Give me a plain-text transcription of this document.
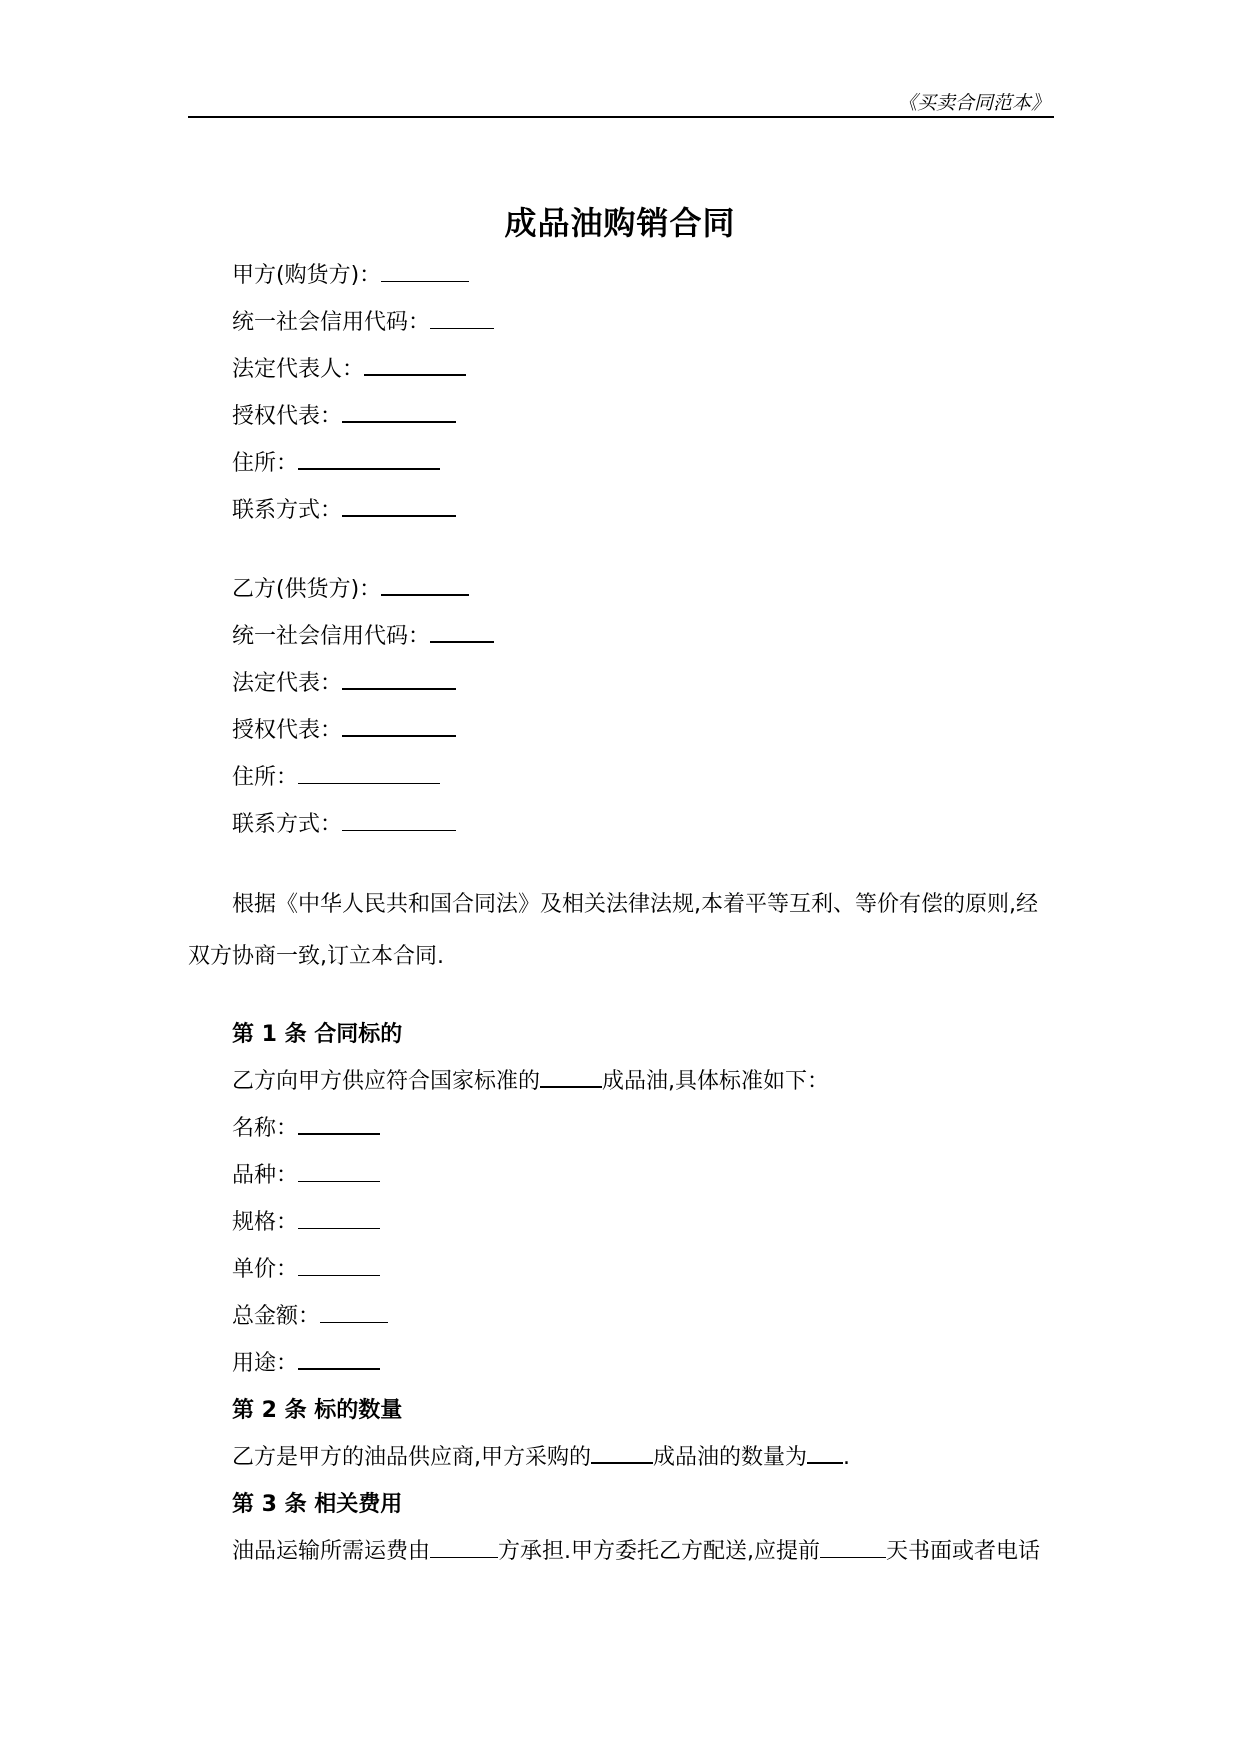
《买卖合同范本》
成品油购销合同
甲方(购货方)：
统一社会信用代码：
法定代表人：
授权代表：
住所：
联系方式：
乙方(供货方)：
统一社会信用代码：
法定代表：
授权代表：
住所：
联系方式：
根据《中华人民共和国合同法》及相关法律法规,本着平等互利、等价有偿的原则,经
双方协商一致,订立本合同.
第 1 条 合同标的
乙方向甲方供应符合国家标准的	成品油,具体标准如下：
名称：
品种：
规格：
单价：
总金额：
用途：
第 2 条 标的数量
乙方是甲方的油品供应商,甲方采购的	成品油的数量为 .
第 3 条 相关费用
油品运输所需运费由	方承担.甲方委托乙方配送,应提前	天书面或者电话
